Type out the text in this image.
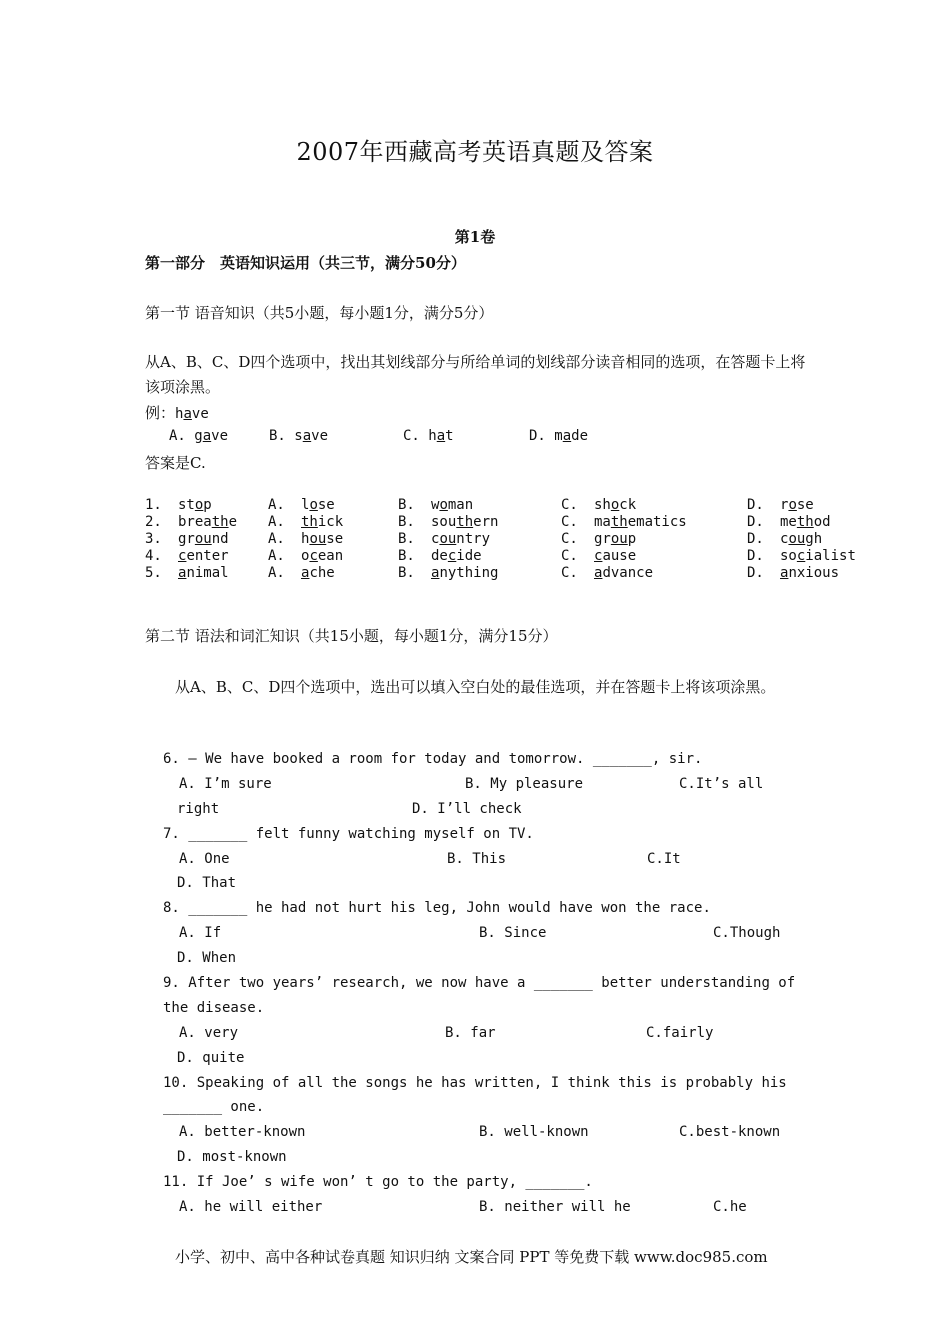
2007年西藏高考英语真题及答案
第1卷
第一部分　英语知识运用（共三节，满分50分）
第一节 语音知识（共5小题，每小题1分，满分5分）
从A、B、C、D四个选项中，找出其划线部分与所给单词的划线部分读音相同的选项，在答题卡上将该项涂黑。
例：have
A. gave	B. save	C. hat	D. made
答案是C.
1.	stop	A.	lose	B.	woman	C.	shock	D.	rose
2.	breathe	A.	thick	B.	southern	C.	mathematics	D.	method
3.	ground	A.	house	B.	country	C.	group	D.	cough
4.	center	A.	ocean	B.	decide	C.	cause	D.	socialist
5.	animal	A.	ache	B.	anything	C.	advance	D.	anxious
第二节 语法和词汇知识（共15小题，每小题1分，满分15分）
从A、B、C、D四个选项中，选出可以填入空白处的最佳选项，并在答题卡上将该项涂黑。
6. — We have booked a room for today and tomorrow. _______, sir.
A. I’m sure	B. My pleasure	C.It’s all
right	D. I’ll check
7. _______ felt funny watching myself on TV.
A. One	B. This	C.It
D. That
8. _______ he had not hurt his leg, John would have won the race.
A. If	B. Since	C.Though
D. When
9. After two years’ research, we now have a _______ better understanding of
the disease.
A. very	B. far	C.fairly
D. quite
10. Speaking of all the songs he has written, I think this is probably his
_______ one.
A. better-known	B. well-known	C.best-known
D. most-known
11. If Joe’ s wife won’ t go to the party, _______.
A. he will either	B. neither will he	C.he
小学、初中、高中各种试卷真题 知识归纳 文案合同 PPT 等免费下载 www.doc985.com
